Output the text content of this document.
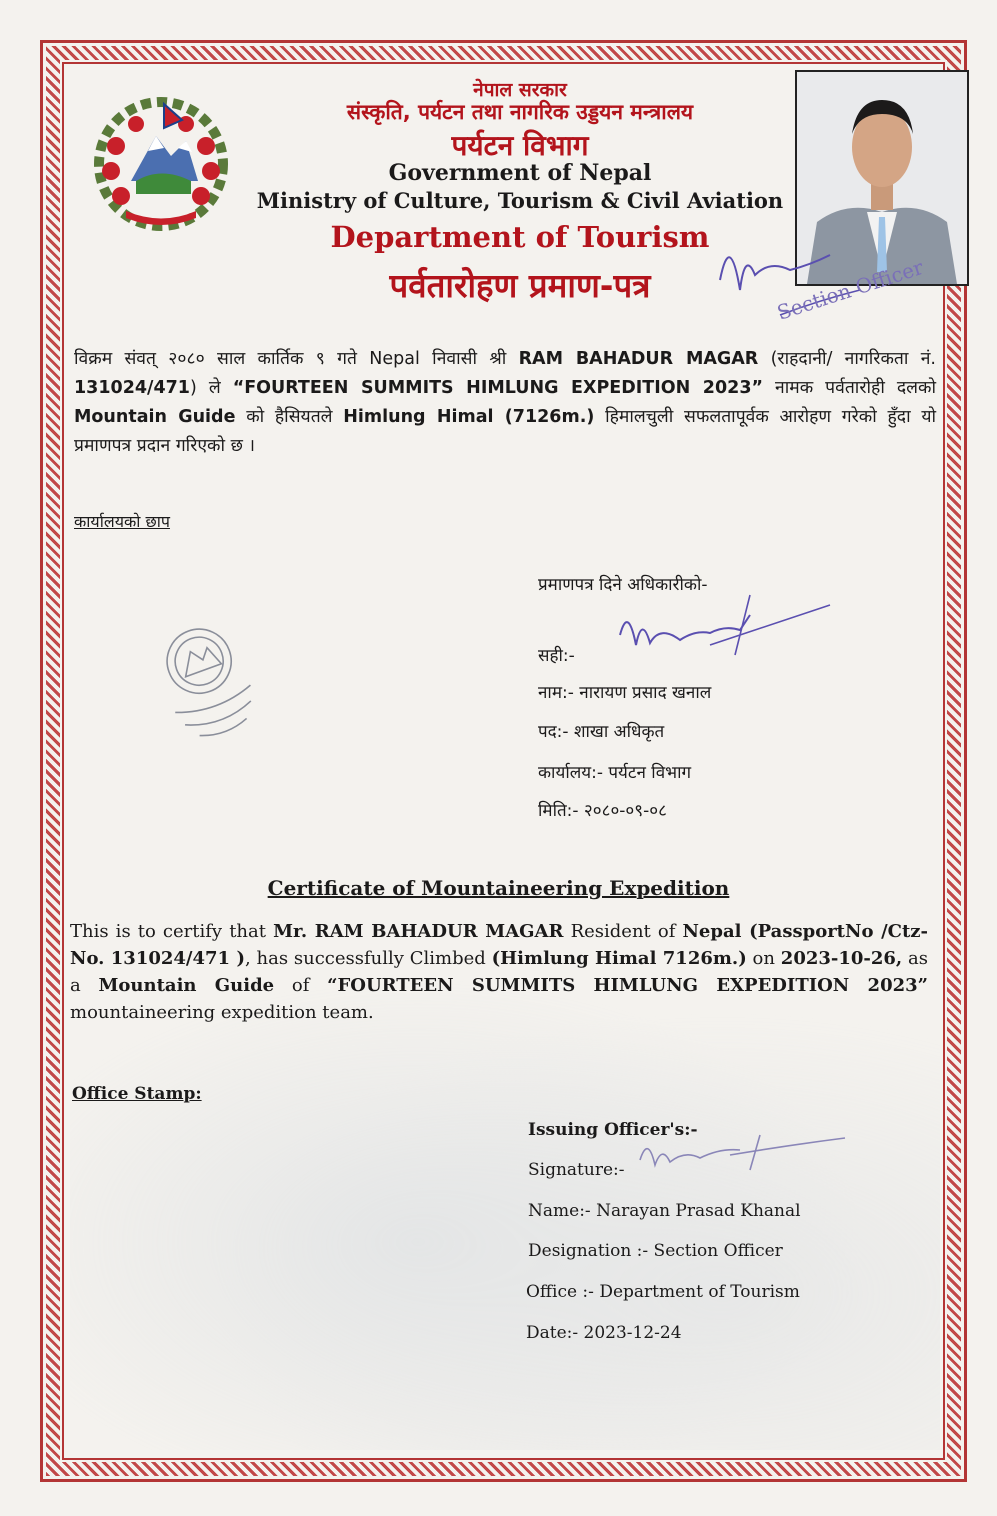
नेपाल सरकार
संस्कृति, पर्यटन तथा नागरिक उड्डयन मन्त्रालय
पर्यटन विभाग
Government of Nepal
Ministry of Culture, Tourism & Civil Aviation
Department of Tourism
पर्वतारोहण प्रमाण-पत्र	Section Officer
विक्रम संवत् २०८० साल कार्तिक ९ गते Nepal निवासी श्री RAM BAHADUR MAGAR (राहदानी/ नागरिकता नं. 131024/471) ले “FOURTEEN SUMMITS HIMLUNG EXPEDITION 2023” नामक पर्वतारोही दलको Mountain Guide को हैसियतले Himlung Himal (7126m.) हिमालचुली सफलतापूर्वक आरोहण गरेको हुँदा यो प्रमाणपत्र प्रदान गरिएको छ ।
कार्यालयको छाप
प्रमाणपत्र दिने अधिकारीको-
सही:-
नाम:- नारायण प्रसाद खनाल
पद:- शाखा अधिकृत
कार्यालय:- पर्यटन विभाग
मिति:- २०८०-०९-०८
Certificate of Mountaineering Expedition
This is to certify that Mr. RAM BAHADUR MAGAR Resident of Nepal (PassportNo /Ctz- No. 131024/471 ), has successfully Climbed (Himlung Himal 7126m.) on 2023-10-26, as a Mountain Guide of “FOURTEEN SUMMITS HIMLUNG EXPEDITION 2023” mountaineering expedition team.
Office Stamp:
Issuing Officer's:-
Signature:-
Name:- Narayan Prasad Khanal
Designation :- Section Officer
Office :- Department of Tourism
Date:- 2023-12-24
